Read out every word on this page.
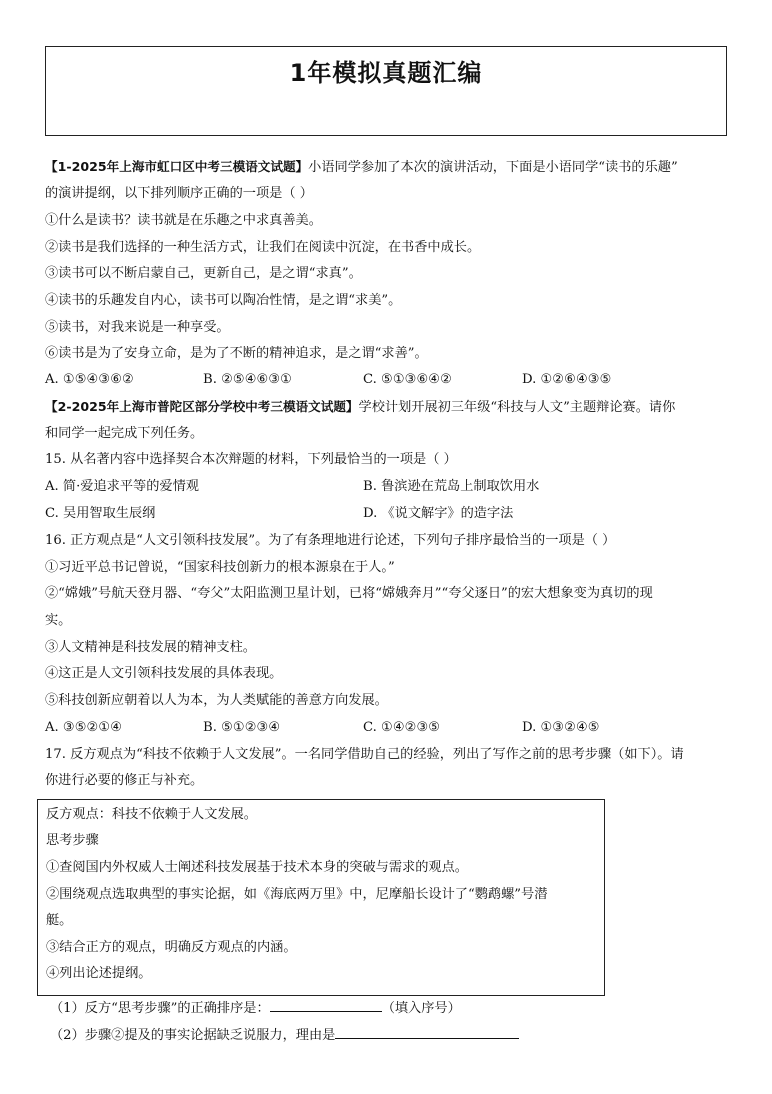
1年模拟真题汇编
【1-2025年上海市虹口区中考三模语文试题】小语同学参加了本次的演讲活动，下面是小语同学“读书的乐趣”
的演讲提纲，以下排列顺序正确的一项是（ ）
①什么是读书？读书就是在乐趣之中求真善美。
②读书是我们选择的一种生活方式，让我们在阅读中沉淀，在书香中成长。
③读书可以不断启蒙自己，更新自己，是之谓“求真”。
④读书的乐趣发自内心，读书可以陶冶性情，是之谓“求美”。
⑤读书，对我来说是一种享受。
⑥读书是为了安身立命，是为了不断的精神追求，是之谓“求善”。
A. ①⑤④③⑥②	B. ②⑤④⑥③①	C. ⑤①③⑥④②	D. ①②⑥④③⑤
【2-2025年上海市普陀区部分学校中考三模语文试题】学校计划开展初三年级“科技与人文”主题辩论赛。请你
和同学一起完成下列任务。
15. 从名著内容中选择契合本次辩题的材料，下列最恰当的一项是（ ）
A. 简·爱追求平等的爱情观	B. 鲁滨逊在荒岛上制取饮用水
C. 吴用智取生辰纲	D. 《说文解字》的造字法
16. 正方观点是“人文引领科技发展”。为了有条理地进行论述，下列句子排序最恰当的一项是（ ）
①习近平总书记曾说，“国家科技创新力的根本源泉在于人。”
②“嫦娥”号航天登月器、“夸父”太阳监测卫星计划，已将“嫦娥奔月”“夸父逐日”的宏大想象变为真切的现
实。
③人文精神是科技发展的精神支柱。
④这正是人文引领科技发展的具体表现。
⑤科技创新应朝着以人为本，为人类赋能的善意方向发展。
A. ③⑤②①④	B. ⑤①②③④	C. ①④②③⑤	D. ①③②④⑤
17. 反方观点为“科技不依赖于人文发展”。一名同学借助自己的经验，列出了写作之前的思考步骤（如下）。请
你进行必要的修正与补充。
反方观点：科技不依赖于人文发展。
思考步骤
①查阅国内外权威人士阐述科技发展基于技术本身的突破与需求的观点。
②围绕观点选取典型的事实论据，如《海底两万里》中，尼摩船长设计了“鹦鹉螺”号潜
艇。
③结合正方的观点，明确反方观点的内涵。
④列出论述提纲。
（1）反方“思考步骤”的正确排序是：	（填入序号）
（2）步骤②提及的事实论据缺乏说服力，理由是
